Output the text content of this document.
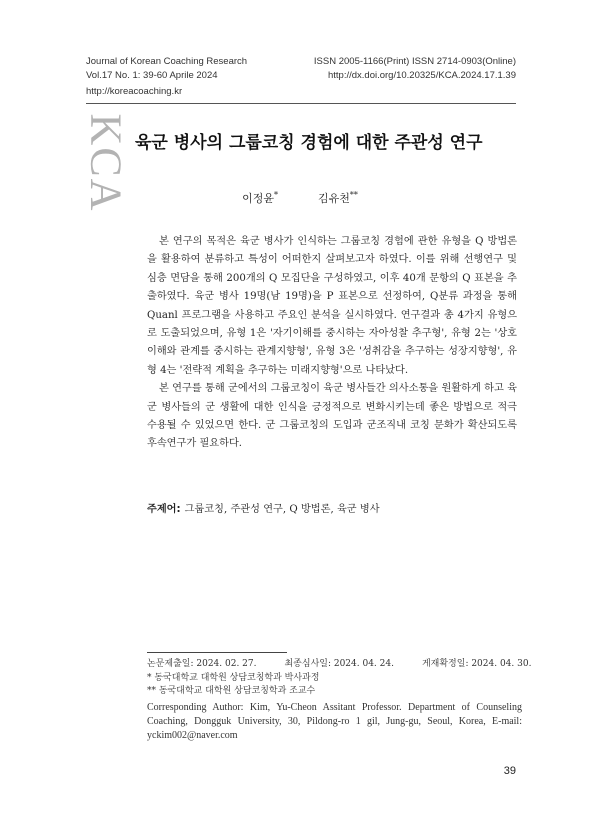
Journal of Korean Coaching Research
Vol.17 No. 1: 39-60 Aprile 2024
ISSN 2005-1166(Print) ISSN 2714-0903(Online)
http://dx.doi.org/10.20325/KCA.2024.17.1.39
http://koreacoaching.kr
KCA 육군 병사의 그룹코칭 경험에 대한 주관성 연구
이정윤*	김유천**

본 연구의 목적은 육군 병사가 인식하는 그룹코칭 경험에 관한 유형을 Q 방법론을 활용하여 분류하고 특성이 어떠한지 살펴보고자 하였다. 이를 위해 선행연구 및 심층 면담을 통해 200개의 Q 모집단을 구성하였고, 이후 40개 문항의 Q 표본을 추출하였다. 육군 병사 19명(남 19명)을 P 표본으로 선정하여, Q분류 과정을 통해 Quanl 프로그램을 사용하고 주요인 분석을 실시하였다. 연구결과 총 4가지 유형으로 도출되었으며, 유형 1은 '자기이해를 중시하는 자아성찰 추구형', 유형 2는 '상호이해와 관계를 중시하는 관계지향형', 유형 3은 '성취감을 추구하는 성장지향형', 유형 4는 '전략적 계획을 추구하는 미래지향형'으로 나타났다.

본 연구를 통해 군에서의 그룹코칭이 육군 병사들간 의사소통을 원활하게 하고 육군 병사들의 군 생활에 대한 인식을 긍정적으로 변화시키는데 좋은 방법으로 적극 수용될 수 있었으면 한다. 군 그룹코칭의 도입과 군조직내 코칭 문화가 확산되도록 후속연구가 필요하다.

주제어: 그룹코칭, 주관성 연구, Q 방법론, 육군 병사
논문제출일: 2024. 02. 27.	최종심사일: 2024. 04. 24.	게재확정일: 2024. 04. 30.
* 동국대학교 대학원 상담코칭학과 박사과정
** 동국대학교 대학원 상담코칭학과 조교수
Corresponding Author: Kim, Yu-Cheon Assitant Professor. Department of Counseling Coaching, Dongguk University, 30, Pildong-ro 1 gil, Jung-gu, Seoul, Korea, E-mail: yckim002@naver.com
39
